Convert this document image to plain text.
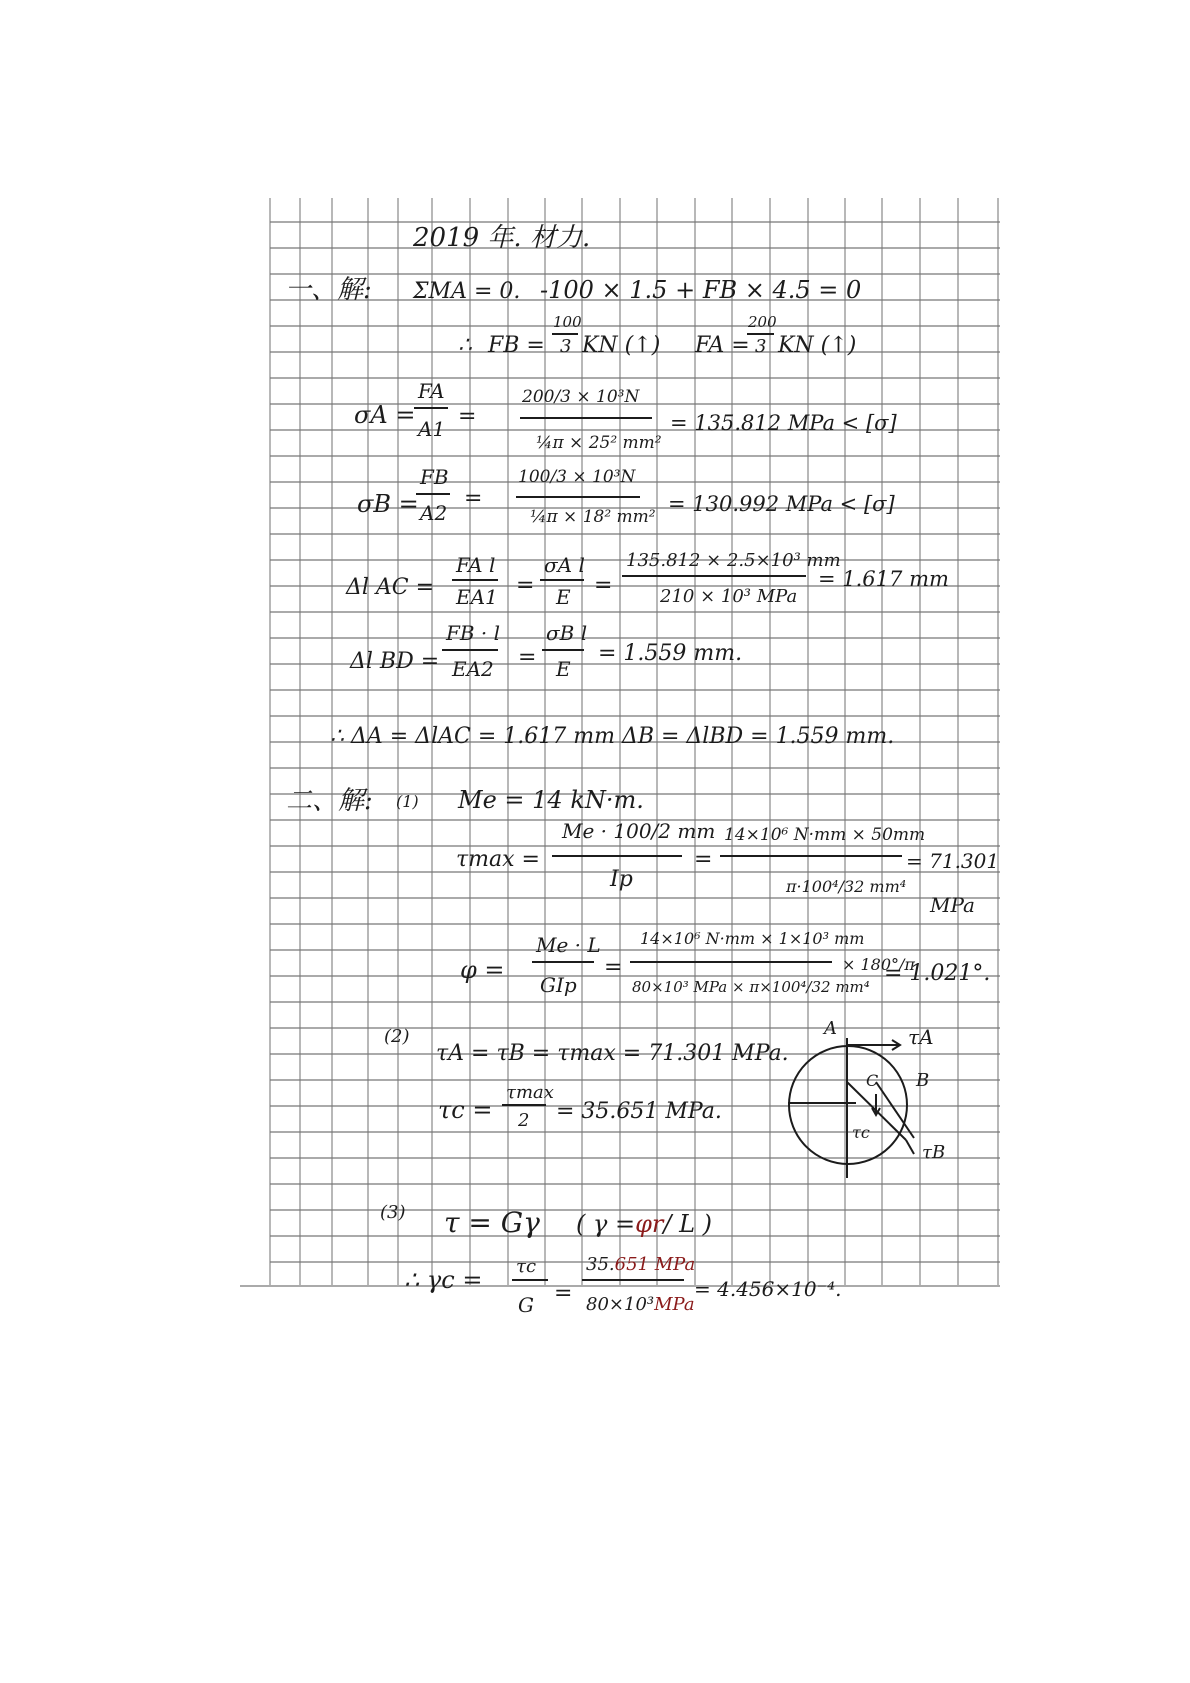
2019 年. 材力.
一、解: ΣMA = 0. -100 × 1.5 + FB × 4.5 = 0
∴ FB =
100
3 KN (↑) FA =
200
3 KN (↑)
σA =
FA
A1 =
200/3 × 10³N
¼π × 25² mm²
= 135.812 MPa < [σ]
σB =
FB
A2
=
100/3 × 10³N
¼π × 18² mm²
= 130.992 MPa < [σ]
Δl AC =
FA l
EA1 =
σA l
E =
135.812 × 2.5×10³ mm
210 × 10³ MPa
= 1.617 mm
Δl BD =
FB · l
EA2 =
σB l
E
= 1.559 mm.
∴ ΔA = ΔlAC = 1.617 mm ΔB = ΔlBD = 1.559 mm.
二、解: (1) Me = 14 kN·m.
τmax =
Me · 100/2 mm
Ip
=
14×10⁶ N·mm × 50mm
π·100⁴/32 mm⁴
= 71.301
MPa
φ =
Me · L
GIp
=
14×10⁶ N·mm × 1×10³ mm
80×10³ MPa × π×100⁴/32 mm⁴
× 180°/π
= 1.021°.
(2)
τA = τB = τmax = 71.301 MPa.
τc =
τmax
2 = 35.651 MPa.
(3) τ = Gγ ( γ =φr/ L )
∴ γc = τc
G =
35.651 MPa
80×10³MPa
= 4.456×10⁻⁴.
A
B
C
τA
τB
τc
